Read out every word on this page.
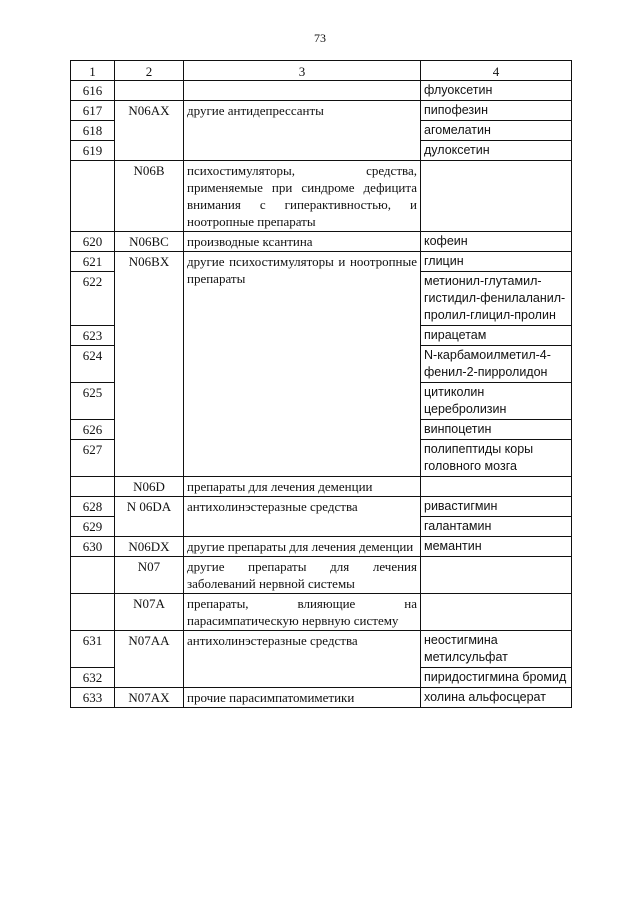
73
1	2	3	4
616			флуоксетин
617	N06AX	другие антидепрессанты	пипофезин
618			агомелатин
619			дулоксетин
	N06B	психостимуляторы, средства, применяемые при синдроме дефицита внимания с гиперактивностью, и ноотропные препараты	
620	N06BC	производные ксантина	кофеин
621	N06BX	другие психостимуляторы и ноотропные препараты	глицин
622			метионил-глутамил-гистидил-фенилаланил-пролил-глицил-пролин
623			пирацетам
624			N-карбамоилметил-4-фенил-2-пирролидон
625			цитиколин церебролизин
626			винпоцетин
627			полипептиды коры головного мозга
	N06D	препараты для лечения деменции	
628	N 06DA	антихолинэстеразные средства	ривастигмин
629			галантамин
630	N06DX	другие препараты для лечения деменции	мемантин
	N07	другие препараты для лечения заболеваний нервной системы	
	N07A	препараты, влияющие на парасимпатическую нервную систему	
631	N07AA	антихолинэстеразные средства	неостигмина метилсульфат
632			пиридостигмина бромид
633	N07AX	прочие парасимпатомиметики	холина альфосцерат
